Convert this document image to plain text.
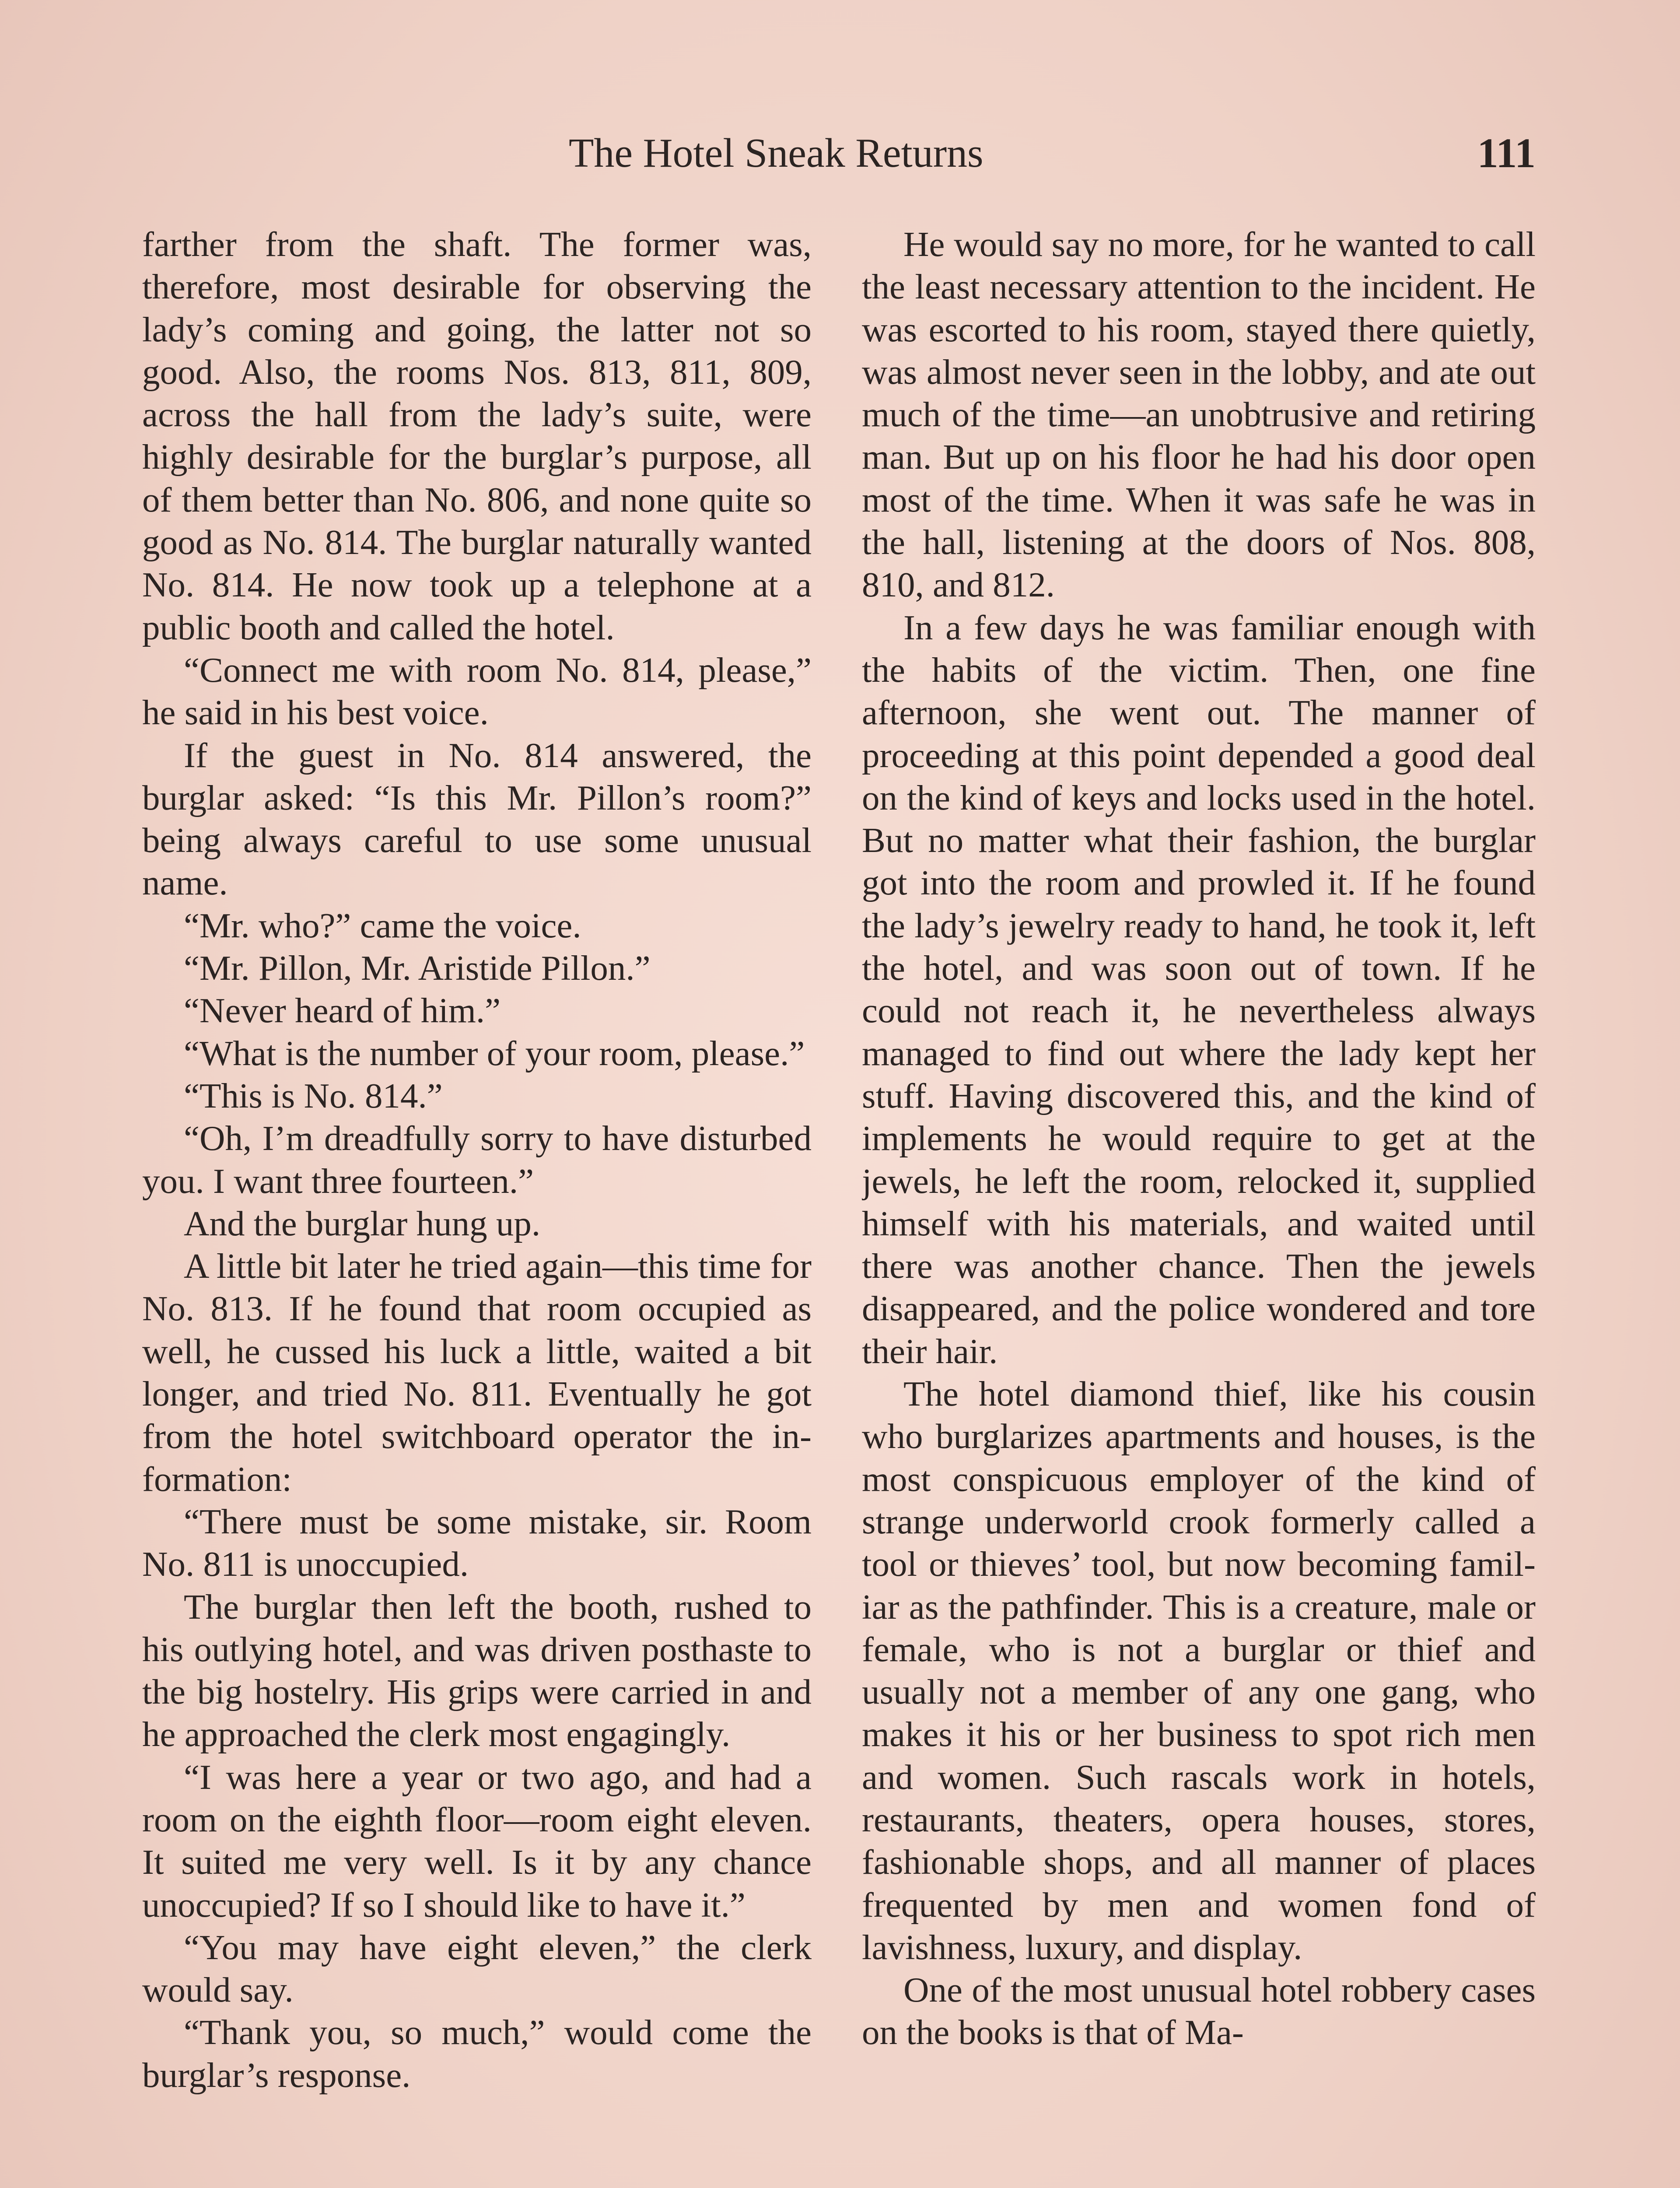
The Hotel Sneak Returns	111

farther from the shaft. The former was, therefore, most desirable for observing the lady’s coming and going, the latter not so good. Also, the rooms Nos. 813, 811, 809, across the hall from the lady’s suite, were highly desirable for the burglar’s purpose, all of them better than No. 806, and none quite so good as No. 814. The burglar naturally wanted No. 814. He now took up a telephone at a public booth and called the hotel.

“Connect me with room No. 814, please,” he said in his best voice.

If the guest in No. 814 answered, the burglar asked: “Is this Mr. Pillon’s room?” being always careful to use some unusual name.

“Mr. who?” came the voice.

“Mr. Pillon, Mr. Aristide Pillon.”

“Never heard of him.”

“What is the number of your room, please.”

“This is No. 814.”

“Oh, I’m dreadfully sorry to have disturbed you. I want three fourteen.”

And the burglar hung up.

A little bit later he tried again—this time for No. 813. If he found that room occupied as well, he cussed his luck a little, waited a bit longer, and tried No. 811. Eventually he got from the hotel switchboard operator the information:

“There must be some mistake, sir. Room No. 811 is unoccupied.

The burglar then left the booth, rushed to his outlying hotel, and was driven posthaste to the big hostelry. His grips were carried in and he approached the clerk most engagingly.

“I was here a year or two ago, and had a room on the eighth floor—room eight eleven. It suited me very well. Is it by any chance unoccupied? If so I should like to have it.”

“You may have eight eleven,” the clerk would say.

“Thank you, so much,” would come the burglar’s response.

He would say no more, for he wanted to call the least necessary attention to the incident. He was escorted to his room, stayed there quietly, was almost never seen in the lobby, and ate out much of the time—an unobtrusive and retiring man. But up on his floor he had his door open most of the time. When it was safe he was in the hall, listening at the doors of Nos. 808, 810, and 812.

In a few days he was familiar enough with the habits of the victim. Then, one fine afternoon, she went out. The manner of proceeding at this point depended a good deal on the kind of keys and locks used in the hotel. But no matter what their fashion, the burglar got into the room and prowled it. If he found the lady’s jewelry ready to hand, he took it, left the hotel, and was soon out of town. If he could not reach it, he nevertheless always managed to find out where the lady kept her stuff. Having discovered this, and the kind of implements he would require to get at the jewels, he left the room, relocked it, supplied himself with his materials, and waited until there was another chance. Then the jewels disappeared, and the police wondered and tore their hair.

The hotel diamond thief, like his cousin who burglarizes apartments and houses, is the most conspicuous employer of the kind of strange underworld crook formerly called a tool or thieves’ tool, but now becoming familiar as the pathfinder. This is a creature, male or female, who is not a burglar or thief and usually not a member of any one gang, who makes it his or her business to spot rich men and women. Such rascals work in hotels, restaurants, theaters, opera houses, stores, fashionable shops, and all manner of places frequented by men and women fond of lavishness, luxury, and display.

One of the most unusual hotel robbery cases on the books is that of Ma-
